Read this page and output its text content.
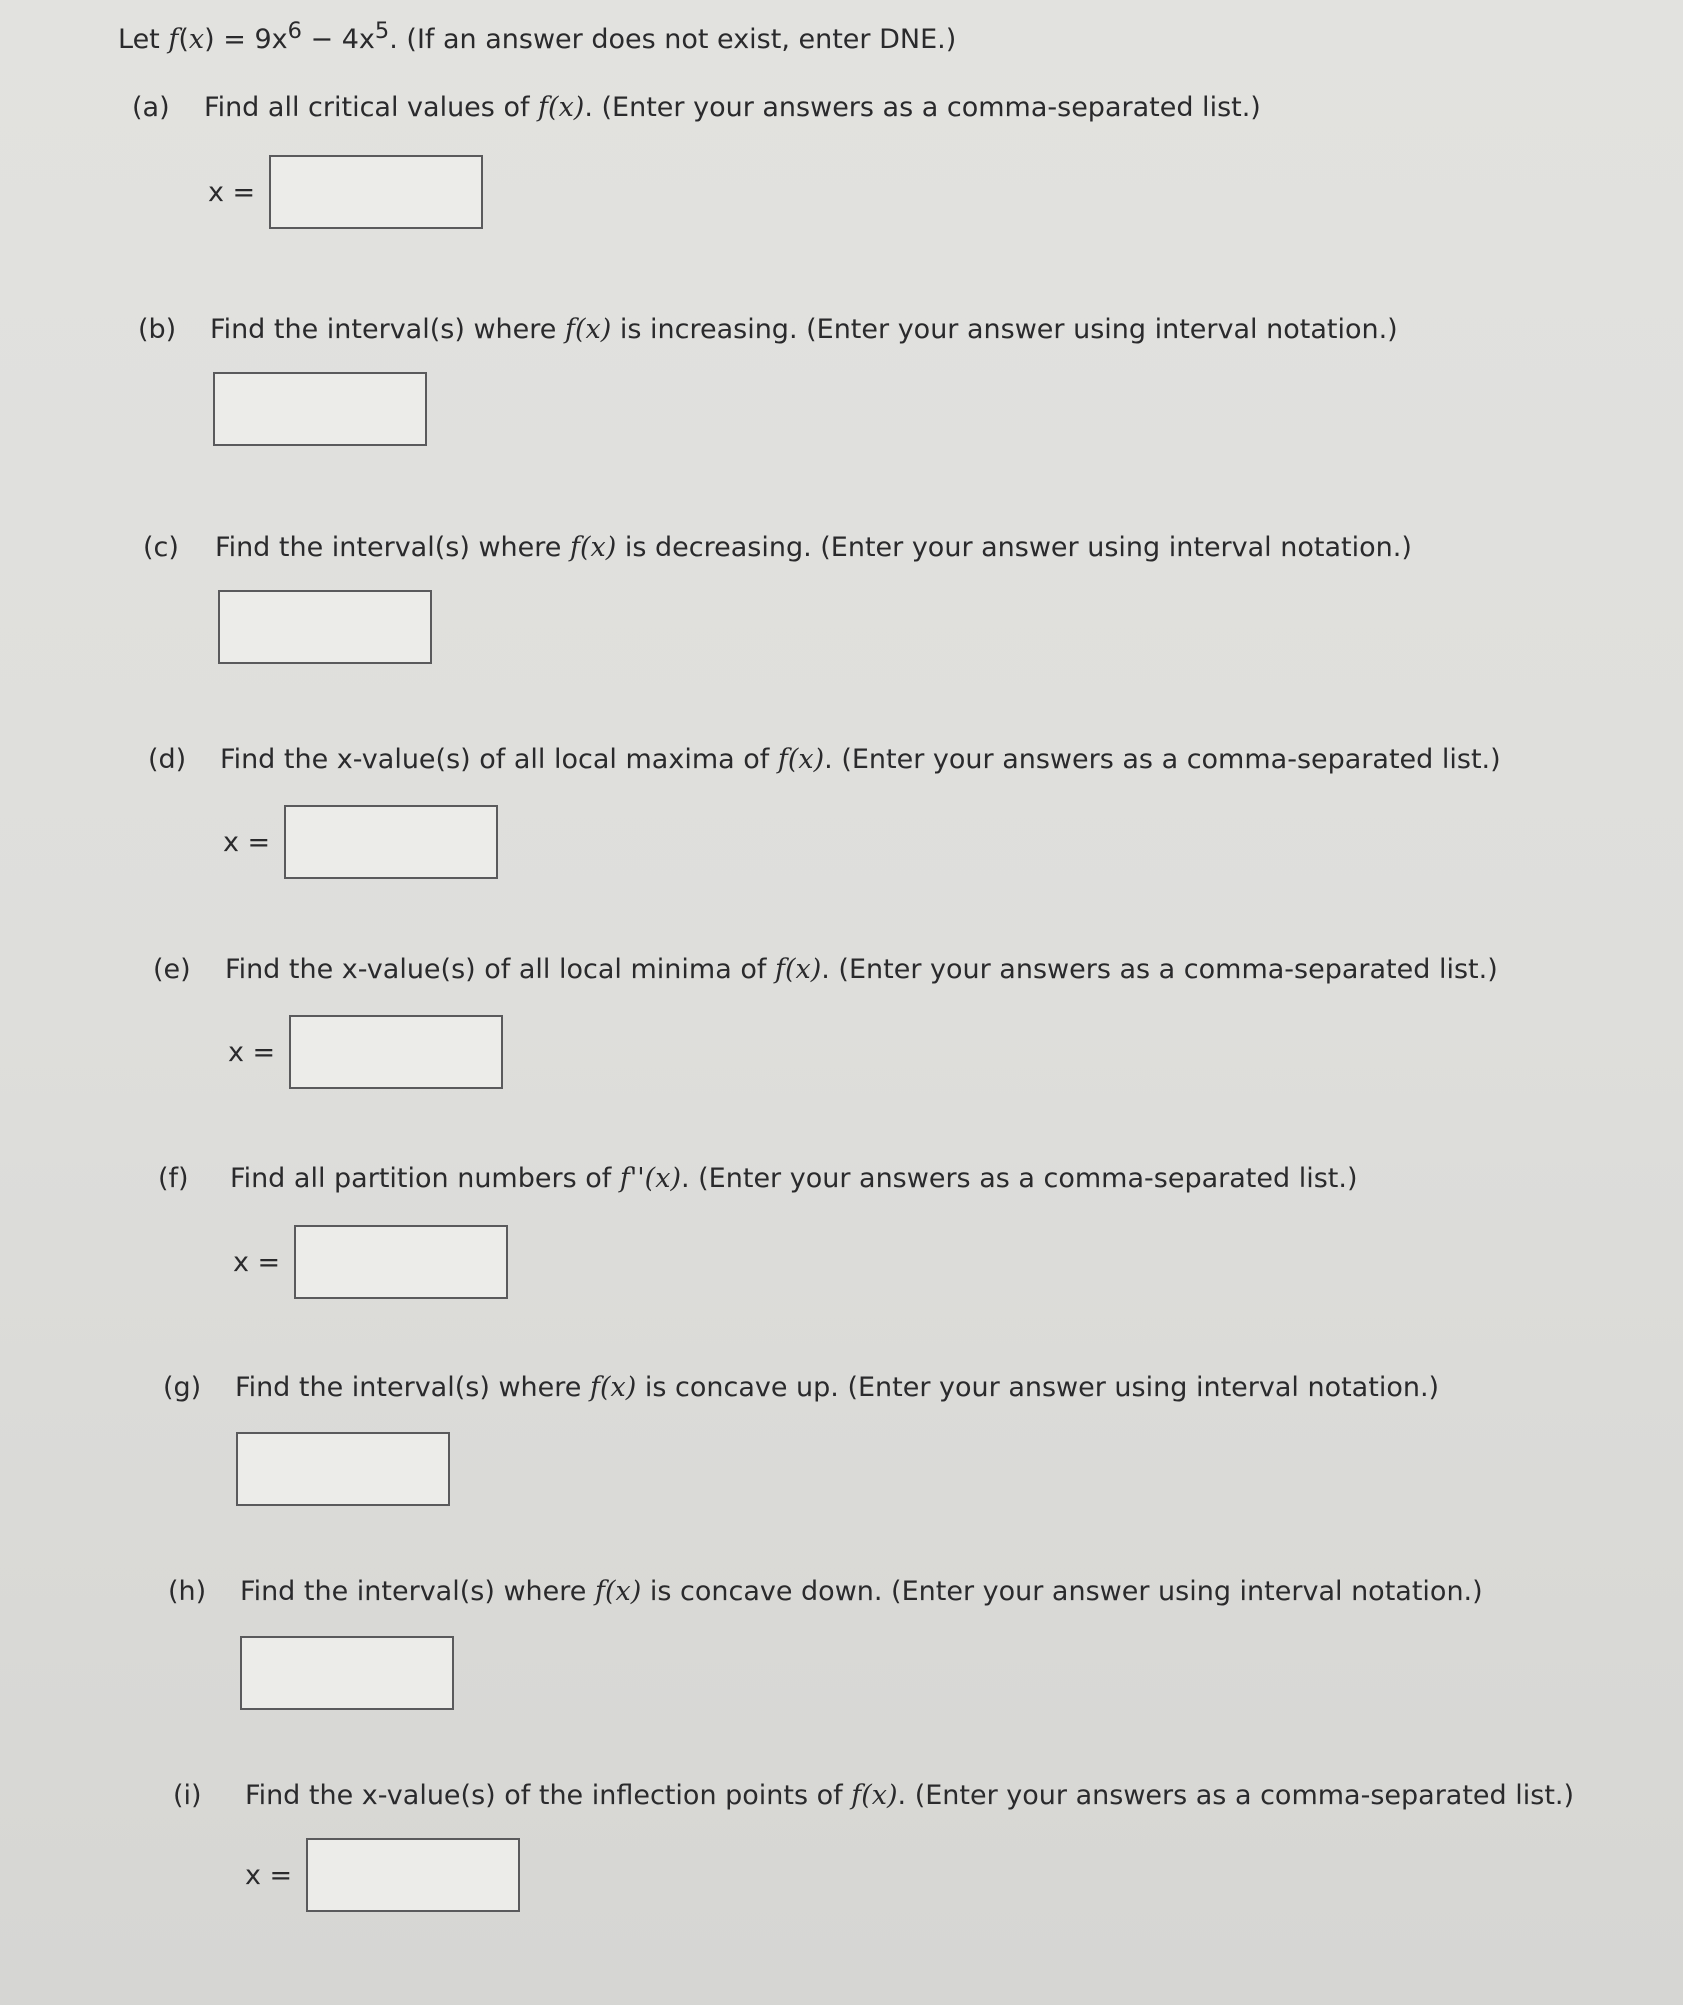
Let $f(x) = 9x^6 - 4x^5$. (If an answer does not exist, enter DNE.)
(a) Find all critical values of f(x). (Enter your answers as a comma-separated list.)
x =
(b) Find the interval(s) where f(x) is increasing. (Enter your answer using interval notation.)
(c) Find the interval(s) where f(x) is decreasing. (Enter your answer using interval notation.)
(d) Find the x-value(s) of all local maxima of f(x). (Enter your answers as a comma-separated list.)
x =
(e) Find the x-value(s) of all local minima of f(x). (Enter your answers as a comma-separated list.)
x =
(f) Find all partition numbers of f''(x). (Enter your answers as a comma-separated list.)
x =
(g) Find the interval(s) where f(x) is concave up. (Enter your answer using interval notation.)
(h) Find the interval(s) where f(x) is concave down. (Enter your answer using interval notation.)
(i) Find the x-value(s) of the inflection points of f(x). (Enter your answers as a comma-separated list.)
x =
